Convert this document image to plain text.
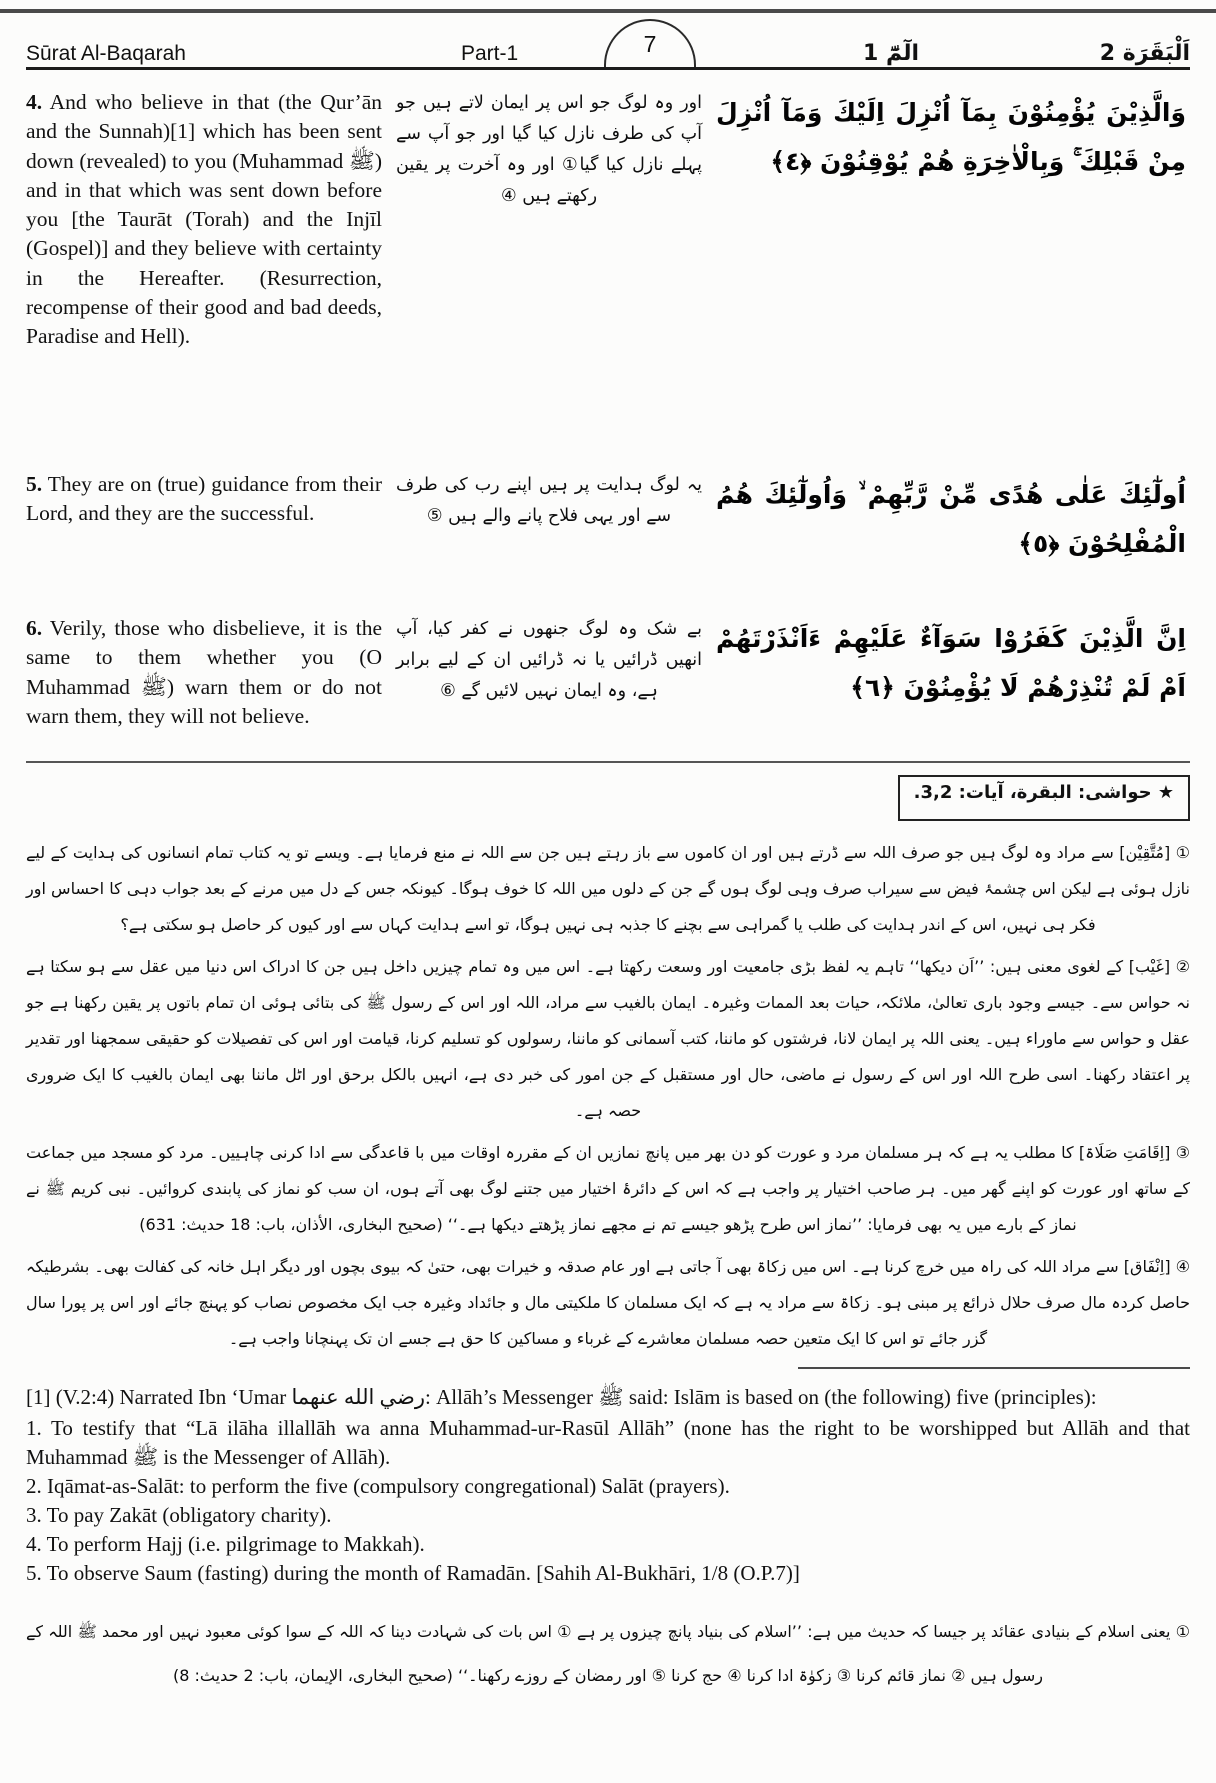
Sūrat Al-Baqarah	Part-1	الٓمّٓ 1	اَلْبَقَرَة 2
7
4. And who believe in that (the Qur’ān and the Sunnah)[1] which has been sent down (revealed) to you (Muhammad ﷺ) and in that which was sent down before you [the Taurāt (Torah) and the Injīl (Gospel)] and they believe with certainty in the Hereafter. (Resurrection, recompense of their good and bad deeds, Paradise and Hell).
اور وہ لوگ جو اس پر ایمان لاتے ہیں جو آپ کی طرف نازل کیا گیا اور جو آپ سے پہلے نازل کیا گیا① اور وہ آخرت پر یقین رکھتے ہیں ④
وَالَّذِيْنَ يُؤْمِنُوْنَ بِمَآ اُنْزِلَ اِلَيْكَ وَمَآ اُنْزِلَ مِنْ قَبْلِكَ ۚ وَبِالْاٰخِرَةِ هُمْ يُوْقِنُوْنَ ﴿٤﴾
5. They are on (true) guidance from their Lord, and they are the successful.
یہ لوگ ہدایت پر ہیں اپنے رب کی طرف سے اور یہی فلاح پانے والے ہیں ⑤
اُولٰٓئِكَ عَلٰى هُدًى مِّنْ رَّبِّهِمْ ۙ وَاُولٰٓئِكَ هُمُ الْمُفْلِحُوْنَ ﴿٥﴾
6. Verily, those who disbelieve, it is the same to them whether you (O Muhammad ﷺ) warn them or do not warn them, they will not believe.
بے شک وہ لوگ جنھوں نے کفر کیا، آپ انھیں ڈرائیں یا نہ ڈرائیں ان کے لیے برابر ہے، وہ ایمان نہیں لائیں گے ⑥
اِنَّ الَّذِيْنَ كَفَرُوْا سَوَآءٌ عَلَيْهِمْ ءَاَنْذَرْتَهُمْ اَمْ لَمْ تُنْذِرْهُمْ لَا يُؤْمِنُوْنَ ﴿٦﴾
★ حواشی: البقرة، آیات: 3,2.

① [مُتَّقِیْن] سے مراد وہ لوگ ہیں جو صرف اللہ سے ڈرتے ہیں اور ان کاموں سے باز رہتے ہیں جن سے اللہ نے منع فرمایا ہے۔ ویسے تو یہ کتاب تمام انسانوں کی ہدایت کے لیے نازل ہوئی ہے لیکن اس چشمۂ فیض سے سیراب صرف وہی لوگ ہوں گے جن کے دلوں میں اللہ کا خوف ہوگا۔ کیونکہ جس کے دل میں مرنے کے بعد جواب دہی کا احساس اور فکر ہی نہیں، اس کے اندر ہدایت کی طلب یا گمراہی سے بچنے کا جذبہ ہی نہیں ہوگا، تو اسے ہدایت کہاں سے اور کیوں کر حاصل ہو سکتی ہے؟

② [غَیْب] کے لغوی معنی ہیں: ’’اَن دیکھا‘‘ تاہم یہ لفظ بڑی جامعیت اور وسعت رکھتا ہے۔ اس میں وہ تمام چیزیں داخل ہیں جن کا ادراک اس دنیا میں عقل سے ہو سکتا ہے نہ حواس سے۔ جیسے وجود باری تعالیٰ، ملائکہ، حیات بعد الممات وغیرہ۔ ایمان بالغیب سے مراد، اللہ اور اس کے رسول ﷺ کی بتائی ہوئی ان تمام باتوں پر یقین رکھنا ہے جو عقل و حواس سے ماوراء ہیں۔ یعنی اللہ پر ایمان لانا، فرشتوں کو ماننا، کتب آسمانی کو ماننا، رسولوں کو تسلیم کرنا، قیامت اور اس کی تفصیلات کو حقیقی سمجھنا اور تقدیر پر اعتقاد رکھنا۔ اسی طرح اللہ اور اس کے رسول نے ماضی، حال اور مستقبل کے جن امور کی خبر دی ہے، انہیں بالکل برحق اور اٹل ماننا بھی ایمان بالغیب کا ایک ضروری حصہ ہے۔

③ [اِقَامَتِ صَلَاۃ] کا مطلب یہ ہے کہ ہر مسلمان مرد و عورت کو دن بھر میں پانچ نمازیں ان کے مقررہ اوقات میں با قاعدگی سے ادا کرنی چاہییں۔ مرد کو مسجد میں جماعت کے ساتھ اور عورت کو اپنے گھر میں۔ ہر صاحب اختیار پر واجب ہے کہ اس کے دائرۂ اختیار میں جتنے لوگ بھی آتے ہوں، ان سب کو نماز کی پابندی کروائیں۔ نبی کریم ﷺ نے نماز کے بارے میں یہ بھی فرمایا: ’’نماز اس طرح پڑھو جیسے تم نے مجھے نماز پڑھتے دیکھا ہے۔‘‘ (صحیح البخاری، الأذان، باب: 18 حدیث: 631)

④ [اِنْفَاق] سے مراد اللہ کی راہ میں خرچ کرنا ہے۔ اس میں زکاۃ بھی آ جاتی ہے اور عام صدقہ و خیرات بھی، حتیٰ کہ بیوی بچوں اور دیگر اہل خانہ کی کفالت بھی۔ بشرطیکہ حاصل کردہ مال صرف حلال ذرائع پر مبنی ہو۔ زکاۃ سے مراد یہ ہے کہ ایک مسلمان کا ملکیتی مال و جائداد وغیرہ جب ایک مخصوص نصاب کو پہنچ جائے اور اس پر پورا سال گزر جائے تو اس کا ایک متعین حصہ مسلمان معاشرے کے غرباء و مساکین کا حق ہے جسے ان تک پہنچانا واجب ہے۔

[1] (V.2:4) Narrated Ibn ‘Umar رضي الله عنهما: Allāh’s Messenger ﷺ said: Islām is based on (the following) five (principles):
1. To testify that “Lā ilāha illallāh wa anna Muhammad-ur-Rasūl Allāh” (none has the right to be worshipped but Allāh and that Muhammad ﷺ is the Messenger of Allāh).
2. Iqāmat-as-Salāt: to perform the five (compulsory congregational) Salāt (prayers).
3. To pay Zakāt (obligatory charity).
4. To perform Hajj (i.e. pilgrimage to Makkah).
5. To observe Saum (fasting) during the month of Ramadān. [Sahih Al-Bukhāri, 1/8 (O.P.7)]

① یعنی اسلام کے بنیادی عقائد پر جیسا کہ حدیث میں ہے: ’’اسلام کی بنیاد پانچ چیزوں پر ہے ① اس بات کی شہادت دینا کہ اللہ کے سوا کوئی معبود نہیں اور محمد ﷺ اللہ کے رسول ہیں ② نماز قائم کرنا ③ زکوٰۃ ادا کرنا ④ حج کرنا ⑤ اور رمضان کے روزے رکھنا۔‘‘ (صحیح البخاری، الإیمان، باب: 2 حدیث: 8)
